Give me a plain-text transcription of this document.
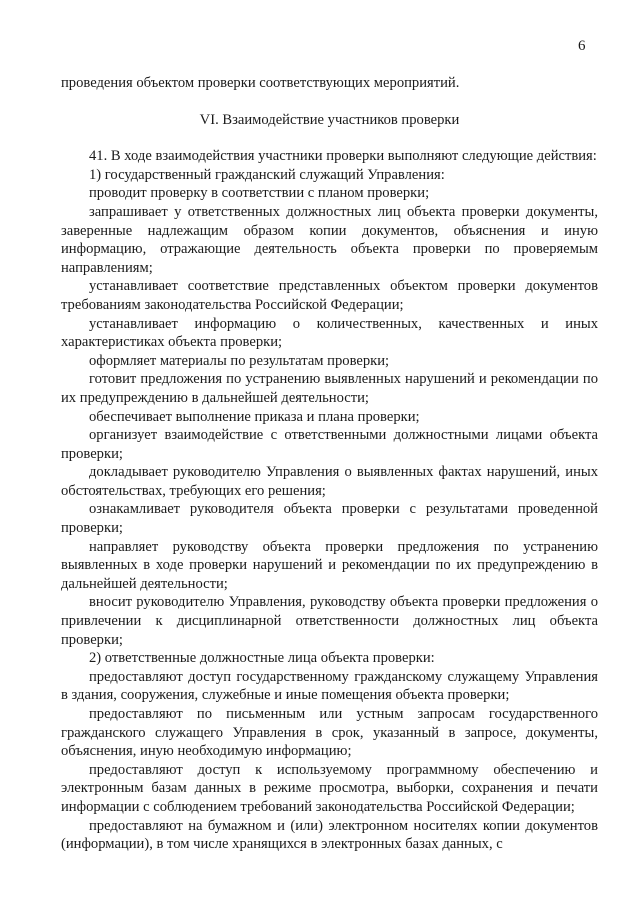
6

проведения объектом проверки соответствующих мероприятий.

VI. Взаимодействие участников проверки

41. В ходе взаимодействия участники проверки выполняют следующие действия:

1) государственный гражданский служащий Управления:

проводит проверку в соответствии с планом проверки;

запрашивает у ответственных должностных лиц объекта проверки документы, заверенные надлежащим образом копии документов, объяснения и иную информацию, отражающие деятельность объекта проверки по проверяемым направлениям;

устанавливает соответствие представленных объектом проверки документов требованиям законодательства Российской Федерации;

устанавливает информацию о количественных, качественных и иных характеристиках объекта проверки;

оформляет материалы по результатам проверки;

готовит предложения по устранению выявленных нарушений и рекомендации по их предупреждению в дальнейшей деятельности;

обеспечивает выполнение приказа и плана проверки;

организует взаимодействие с ответственными должностными лицами объекта проверки;

докладывает руководителю Управления о выявленных фактах нарушений, иных обстоятельствах, требующих его решения;

ознакамливает руководителя объекта проверки с результатами проведенной проверки;

направляет руководству объекта проверки предложения по устранению выявленных в ходе проверки нарушений и рекомендации по их предупреждению в дальнейшей деятельности;

вносит руководителю Управления, руководству объекта проверки предложения о привлечении к дисциплинарной ответственности должностных лиц объекта проверки;

2) ответственные должностные лица объекта проверки:

предоставляют доступ государственному гражданскому служащему Управления в здания, сооружения, служебные и иные помещения объекта проверки;

предоставляют по письменным или устным запросам государственного гражданского служащего Управления в срок, указанный в запросе, документы, объяснения, иную необходимую информацию;

предоставляют доступ к используемому программному обеспечению и электронным базам данных в режиме просмотра, выборки, сохранения и печати информации с соблюдением требований законодательства Российской Федерации;

предоставляют на бумажном и (или) электронном носителях копии документов (информации), в том числе хранящихся в электронных базах данных, с
